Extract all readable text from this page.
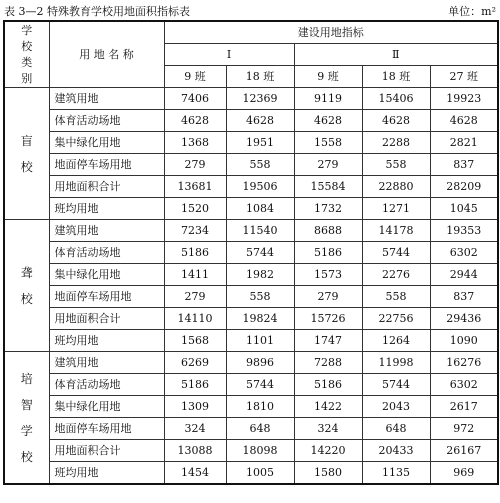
表 3—2 特殊教育学校用地面积指标表	单位：m²
学校类别	用 地 名 称	建设用地指标				
		Ⅰ		Ⅱ		
		9 班	18 班	9 班	18 班	27 班
盲校	建筑用地	7406	12369	9119	15406	19923
	体育活动场地	4628	4628	4628	4628	4628
	集中绿化用地	1368	1951	1558	2288	2821
	地面停车场用地	279	558	279	558	837
	用地面积合计	13681	19506	15584	22880	28209
	班均用地	1520	1084	1732	1271	1045
聋校	建筑用地	7234	11540	8688	14178	19353
	体育活动场地	5186	5744	5186	5744	6302
	集中绿化用地	1411	1982	1573	2276	2944
	地面停车场用地	279	558	279	558	837
	用地面积合计	14110	19824	15726	22756	29436
	班均用地	1568	1101	1747	1264	1090
培智学校	建筑用地	6269	9896	7288	11998	16276
	体育活动场地	5186	5744	5186	5744	6302
	集中绿化用地	1309	1810	1422	2043	2617
	地面停车场用地	324	648	324	648	972
	用地面积合计	13088	18098	14220	20433	26167
	班均用地	1454	1005	1580	1135	969
